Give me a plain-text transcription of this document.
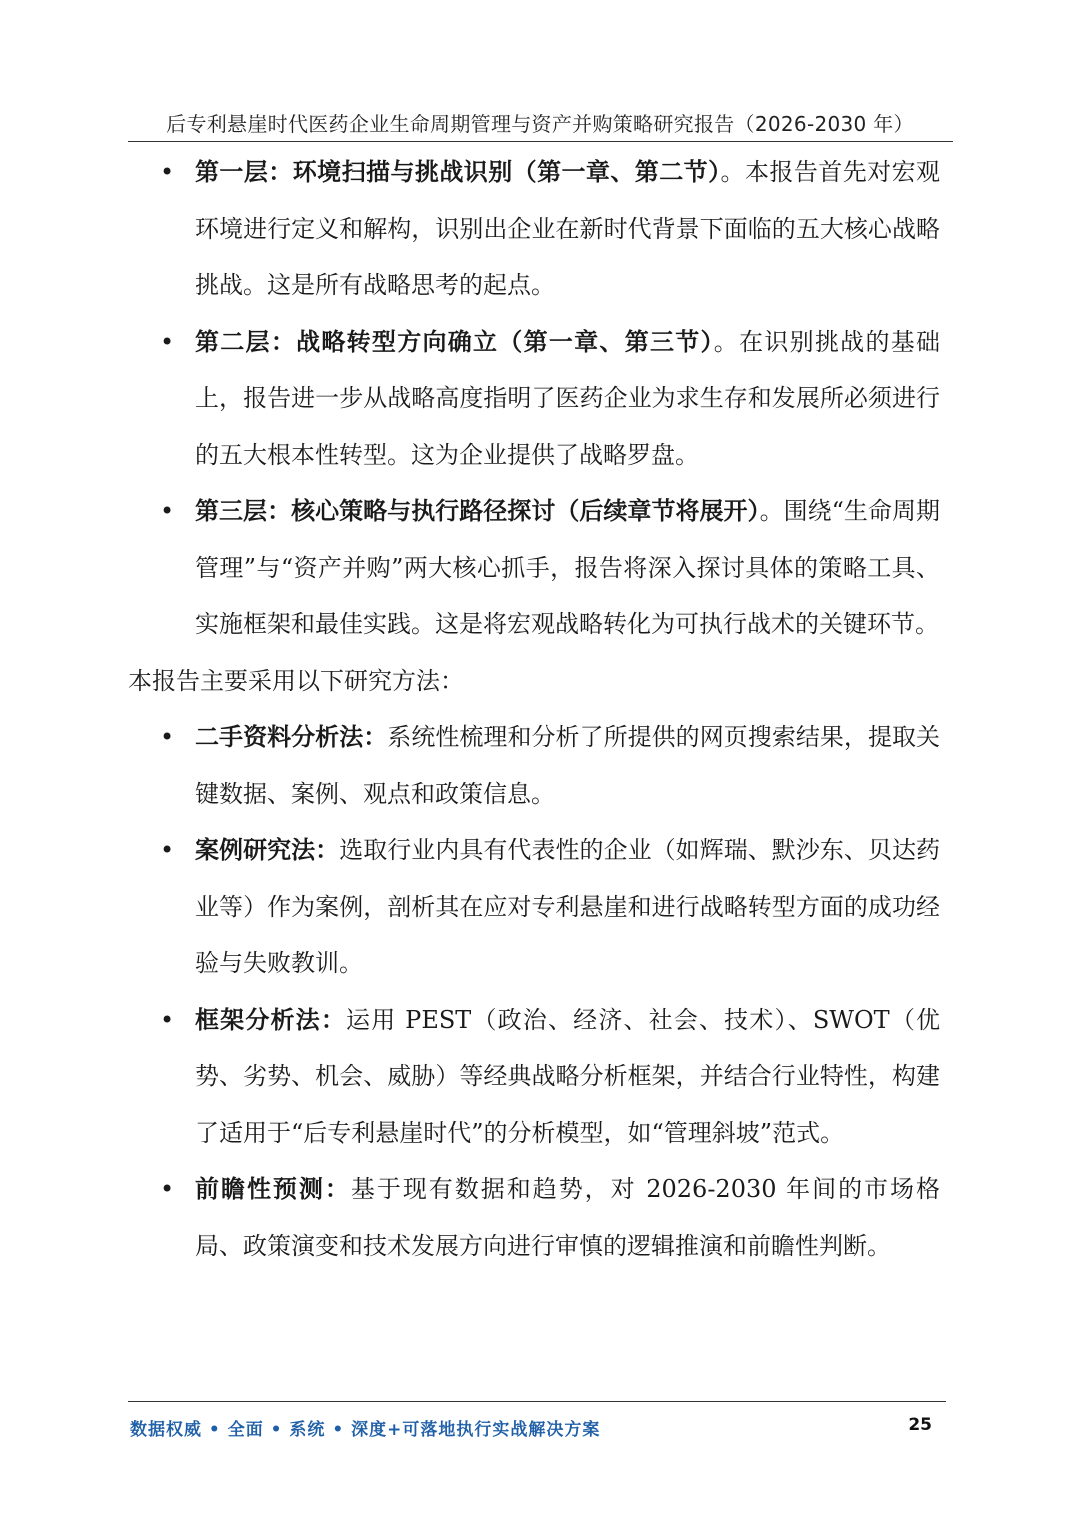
后专利悬崖时代医药企业生命周期管理与资产并购策略研究报告（2026-2030 年）
• 第一层：环境扫描与挑战识别（第一章、第二节）。本报告首先对宏观环境进行定义和解构，识别出企业在新时代背景下面临的五大核心战略挑战。这是所有战略思考的起点。
• 第二层：战略转型方向确立（第一章、第三节）。在识别挑战的基础上，报告进一步从战略高度指明了医药企业为求生存和发展所必须进行的五大根本性转型。这为企业提供了战略罗盘。
• 第三层：核心策略与执行路径探讨（后续章节将展开）。围绕“生命周期管理”与“资产并购”两大核心抓手，报告将深入探讨具体的策略工具、实施框架和最佳实践。这是将宏观战略转化为可执行战术的关键环节。
本报告主要采用以下研究方法：
• 二手资料分析法：系统性梳理和分析了所提供的网页搜索结果，提取关键数据、案例、观点和政策信息。
• 案例研究法：选取行业内具有代表性的企业（如辉瑞、默沙东、贝达药业等）作为案例，剖析其在应对专利悬崖和进行战略转型方面的成功经验与失败教训。
• 框架分析法：运用 PEST（政治、经济、社会、技术）、SWOT（优势、劣势、机会、威胁）等经典战略分析框架，并结合行业特性，构建了适用于“后专利悬崖时代”的分析模型，如“管理斜坡”范式。
• 前瞻性预测：基于现有数据和趋势，对 2026-2030 年间的市场格局、政策演变和技术发展方向进行审慎的逻辑推演和前瞻性判断。
数据权威 • 全面 • 系统 • 深度+可落地执行实战解决方案	25
